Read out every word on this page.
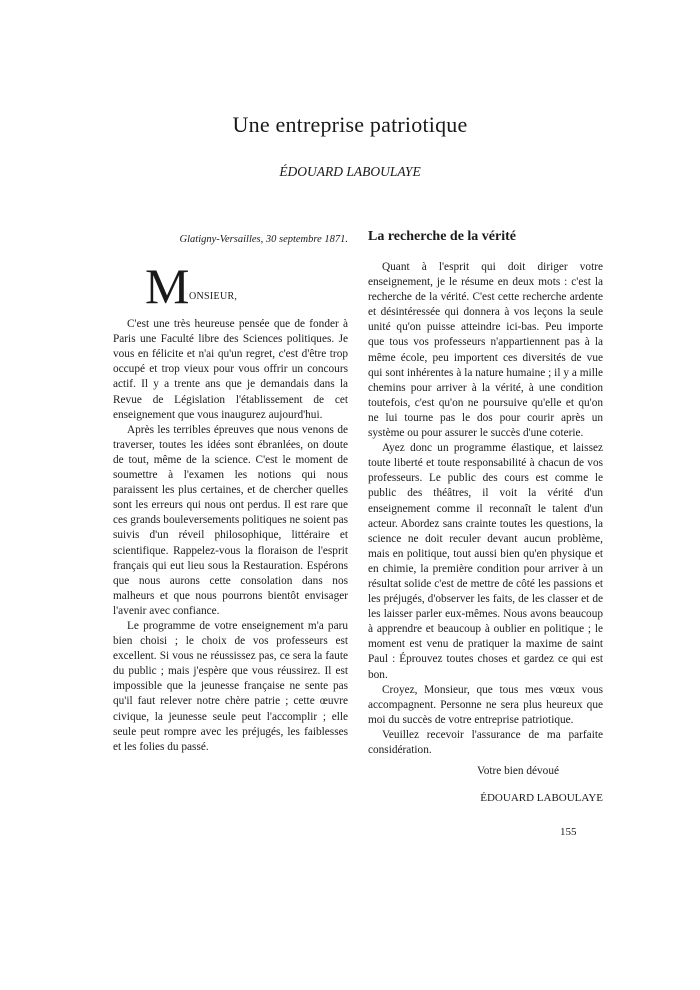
Une entreprise patriotique
ÉDOUARD LABOULAYE
Glatigny-Versailles, 30 septembre 1871.
M ONSIEUR,

C'est une très heureuse pensée que de fonder à Paris une Faculté libre des Sciences politiques. Je vous en félicite et n'ai qu'un regret, c'est d'être trop occupé et trop vieux pour vous offrir un concours actif. Il y a trente ans que je demandais dans la Revue de Législation l'établissement de cet enseignement que vous inaugurez aujourd'hui.

Après les terribles épreuves que nous venons de traverser, toutes les idées sont ébranlées, on doute de tout, même de la science. C'est le moment de soumettre à l'examen les notions qui nous paraissent les plus certaines, et de chercher quelles sont les erreurs qui nous ont perdus. Il est rare que ces grands bouleversements politiques ne soient pas suivis d'un réveil philosophique, littéraire et scientifique. Rappelez-vous la floraison de l'esprit français qui eut lieu sous la Restauration. Espérons que nous aurons cette consolation dans nos malheurs et que nous pourrons bientôt envisager l'avenir avec confiance.

Le programme de votre enseignement m'a paru bien choisi ; le choix de vos professeurs est excellent. Si vous ne réussissez pas, ce sera la faute du public ; mais j'espère que vous réussirez. Il est impossible que la jeunesse française ne sente pas qu'il faut relever notre chère patrie ; cette œuvre civique, la jeunesse seule peut l'accomplir ; elle seule peut rompre avec les préjugés, les faiblesses et les folies du passé.

La recherche de la vérité

Quant à l'esprit qui doit diriger votre enseignement, je le résume en deux mots : c'est la recherche de la vérité. C'est cette recherche ardente et désintéressée qui donnera à vos leçons la seule unité qu'on puisse atteindre ici-bas. Peu importe que tous vos professeurs n'appartiennent pas à la même école, peu importent ces diversités de vue qui sont inhérentes à la nature humaine ; il y a mille chemins pour arriver à la vérité, à une condition toutefois, c'est qu'on ne poursuive qu'elle et qu'on ne lui tourne pas le dos pour courir après un système ou pour assurer le succès d'une coterie.

Ayez donc un programme élastique, et laissez toute liberté et toute responsabilité à chacun de vos professeurs. Le public des cours est comme le public des théâtres, il voit la vérité d'un enseignement comme il reconnaît le talent d'un acteur. Abordez sans crainte toutes les questions, la science ne doit reculer devant aucun problème, mais en politique, tout aussi bien qu'en physique et en chimie, la première condition pour arriver à un résultat solide c'est de mettre de côté les passions et les préjugés, d'observer les faits, de les classer et de les laisser parler eux-mêmes. Nous avons beaucoup à apprendre et beaucoup à oublier en politique ; le moment est venu de pratiquer la maxime de saint Paul : Éprouvez toutes choses et gardez ce qui est bon.

Croyez, Monsieur, que tous mes vœux vous accompagnent. Personne ne sera plus heureux que moi du succès de votre entreprise patriotique.

Veuillez recevoir l'assurance de ma parfaite considération.

Votre bien dévoué
ÉDOUARD LABOULAYE
155
